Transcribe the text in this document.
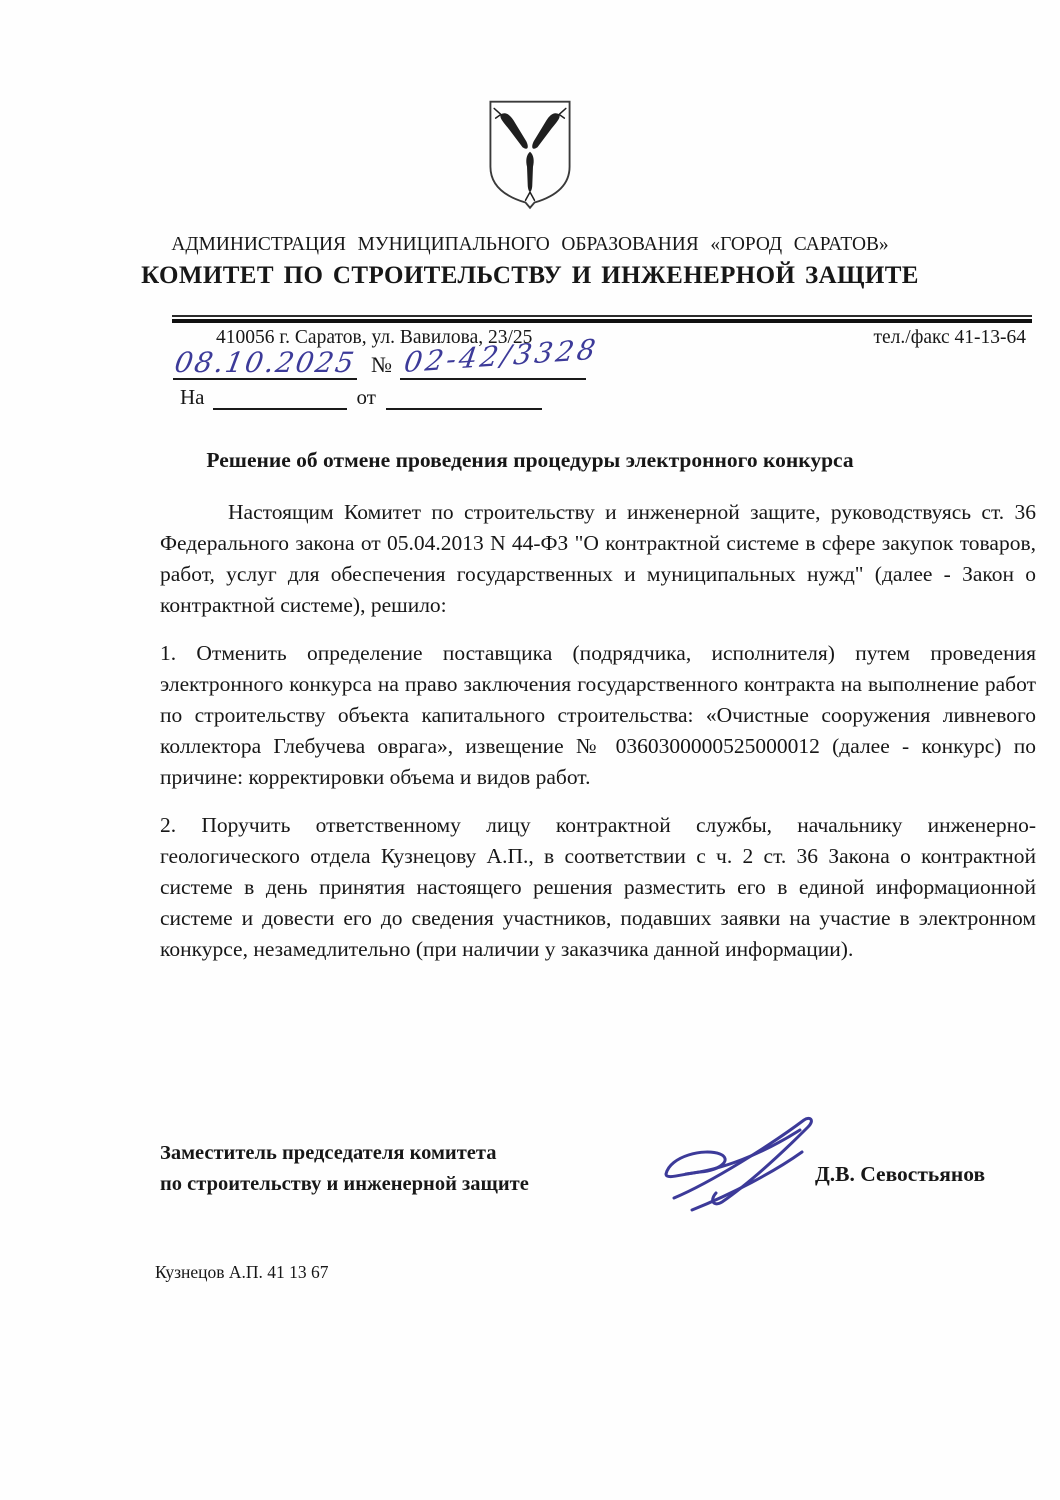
АДМИНИСТРАЦИЯ МУНИЦИПАЛЬНОГО ОБРАЗОВАНИЯ «ГОРОД САРАТОВ»
КОМИТЕТ ПО СТРОИТЕЛЬСТВУ И ИНЖЕНЕРНОЙ ЗАЩИТЕ
410056 г. Саратов, ул. Вавилова, 23/25	тел./факс 41-13-64
08.10.2025 № 02-42/3328
На	от
Решение об отмене проведения процедуры электронного конкурса

Настоящим Комитет по строительству и инженерной защите, руководствуясь ст. 36 Федерального закона от 05.04.2013 N 44-ФЗ "О контрактной системе в сфере закупок товаров, работ, услуг для обеспечения государственных и муниципальных нужд" (далее - Закон о контрактной системе), решило:

1. Отменить определение поставщика (подрядчика, исполнителя) путем проведения электронного конкурса на право заключения государственного контракта на выполнение работ по строительству объекта капитального строительства: «Очистные сооружения ливневого коллектора Глебучева оврага», извещение № 0360300000525000012 (далее - конкурс) по причине: корректировки объема и видов работ.

2. Поручить ответственному лицу контрактной службы, начальнику инженерно-геологического отдела Кузнецову А.П., в соответствии с ч. 2 ст. 36 Закона о контрактной системе в день принятия настоящего решения разместить его в единой информационной системе и довести его до сведения участников, подавших заявки на участие в электронном конкурсе, незамедлительно (при наличии у заказчика данной информации).

Заместитель председателя комитета
по строительству и инженерной защите	Д.В. Севостьянов
Кузнецов А.П. 41 13 67
